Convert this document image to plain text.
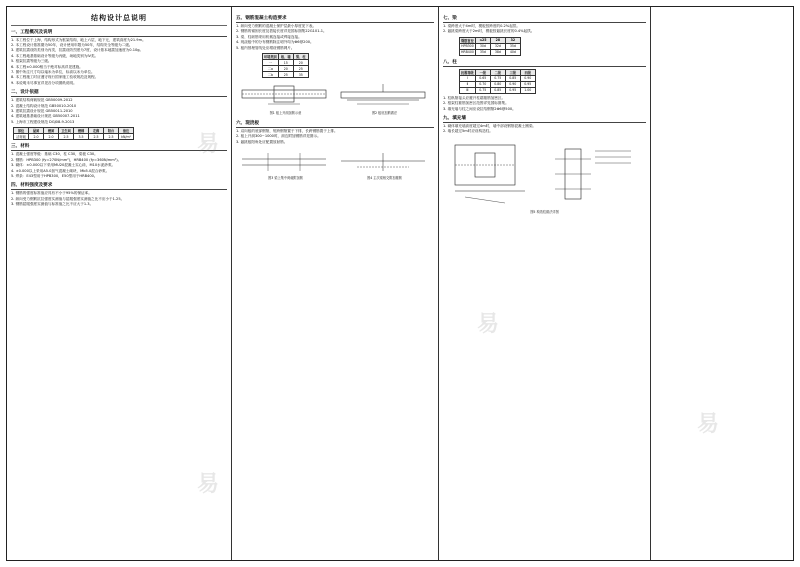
结构设计总说明
一、工程概况及说明
1. 本工程位于上海，结构形式为框架结构，地上六层，地下无，建筑高度为21.9m。
2. 本工程设计基准期为50年，设计使用年限为50年，结构安全等级为二级。
3. 建筑抗震设防类别为丙类，抗震设防烈度为7度，设计基本地震加速度为0.10g。
4. 本工程地基基础设计等级为丙级，场地类别为IV类。
5. 框架抗震等级为三级。
6. 本工程±0.000相当于绝对标高详见建施。
7. 图中所注尺寸均以毫米为单位，标高以米为单位。
8. 本工程施工时应遵守现行国家施工验收规范及规程。
9. 本说明未尽事宜详见各分项图纸说明。
二、设计依据
1. 建筑结构荷载规范 GB50009-2012
2. 混凝土结构设计规范 GB50010-2010
3. 建筑抗震设计规范 GB50011-2010
4. 建筑地基基础设计规范 GB50007-2011
5. 上海市工程建设规范 DGJ08-9-2013
部位	屋面	楼面	卫生间	楼梯	走廊	阳台	备注
活荷载	2.0	2.0	2.5	3.5	2.5	2.5	kN/m²
三、材料
1. 混凝土强度等级：基础 C30，柱 C30，梁板 C30。
2. 钢筋：HPB300 (fy=270N/mm²)，HRB400 (fy=360N/mm²)。
3. 砌体：±0.000以下采用MU20混凝土实心砖，M10水泥砂浆。
4. ±0.000以上采用A5.0加气混凝土砌块，Mb5.0混合砂浆。
5. 焊条：E43型用于HPB300，E50型用于HRB400。
四、材料强度及要求
1. 钢筋的强度标准值应具有不小于95%的保证率。
2. 纵向受力钢筋抗拉强度实测值与屈服强度实测值之比不应小于1.25。
3. 钢筋屈服强度实测值与标准值之比不应大于1.3。
五、钢筋混凝土构造要求
1. 纵向受力钢筋的混凝土保护层最小厚度见下表。
2. 钢筋的锚固长度及搭接长度详见国标图集22G101-1。
3. 梁、柱纵筋采用机械连接或焊接连接。
4. 现浇板中的分布钢筋除注明外均为Φ6@200。
5. 板内预埋管线处应增设钢筋网片。
环境类别	板、墙	梁、柱
一	15	20
二a	20	25
二b	25	35
图1 板上开洞加筋示意	图2 板底加筋做法
六、现浇板
1. 双向板的底部钢筋，短跨钢筋置于下排，长跨钢筋置于上排。
2. 板上开洞300~1000时，洞边附加钢筋详见图示。
3. 悬挑板阳角处应配置放射筋。
图3 梁上集中荷载附加筋	图4 主次梁相交附加箍筋
七、梁
1. 梁跨度大于4m时，模板按跨度的0.2%起拱。
2. 悬挑梁跨度大于2m时，模板按悬挑长度的0.4%起拱。
钢筋直径	≤25	28	32
HPB300	30d	32d	35d
HRB400	35d	38d	40d
八、柱
抗震等级	一级	二级	三级	四级
Ⅰ	0.65	0.75	0.85	0.90
Ⅱ	0.70	0.80	0.90	0.95
Ⅲ	0.75	0.85	0.95	1.00
1. 柱纵筋接头应避开柱端箍筋加密区。
2. 框架柱箍筋加密区范围详见国标图集。
3. 填充墙与柱之间应设拉结钢筋2Φ6@500。
九、填充墙
1. 砌体填充墙高度超过4m时，墙中部设钢筋混凝土圈梁。
2. 墙长超过5m时应设构造柱。
图5 构造柱做法详图
易
易
易
易
